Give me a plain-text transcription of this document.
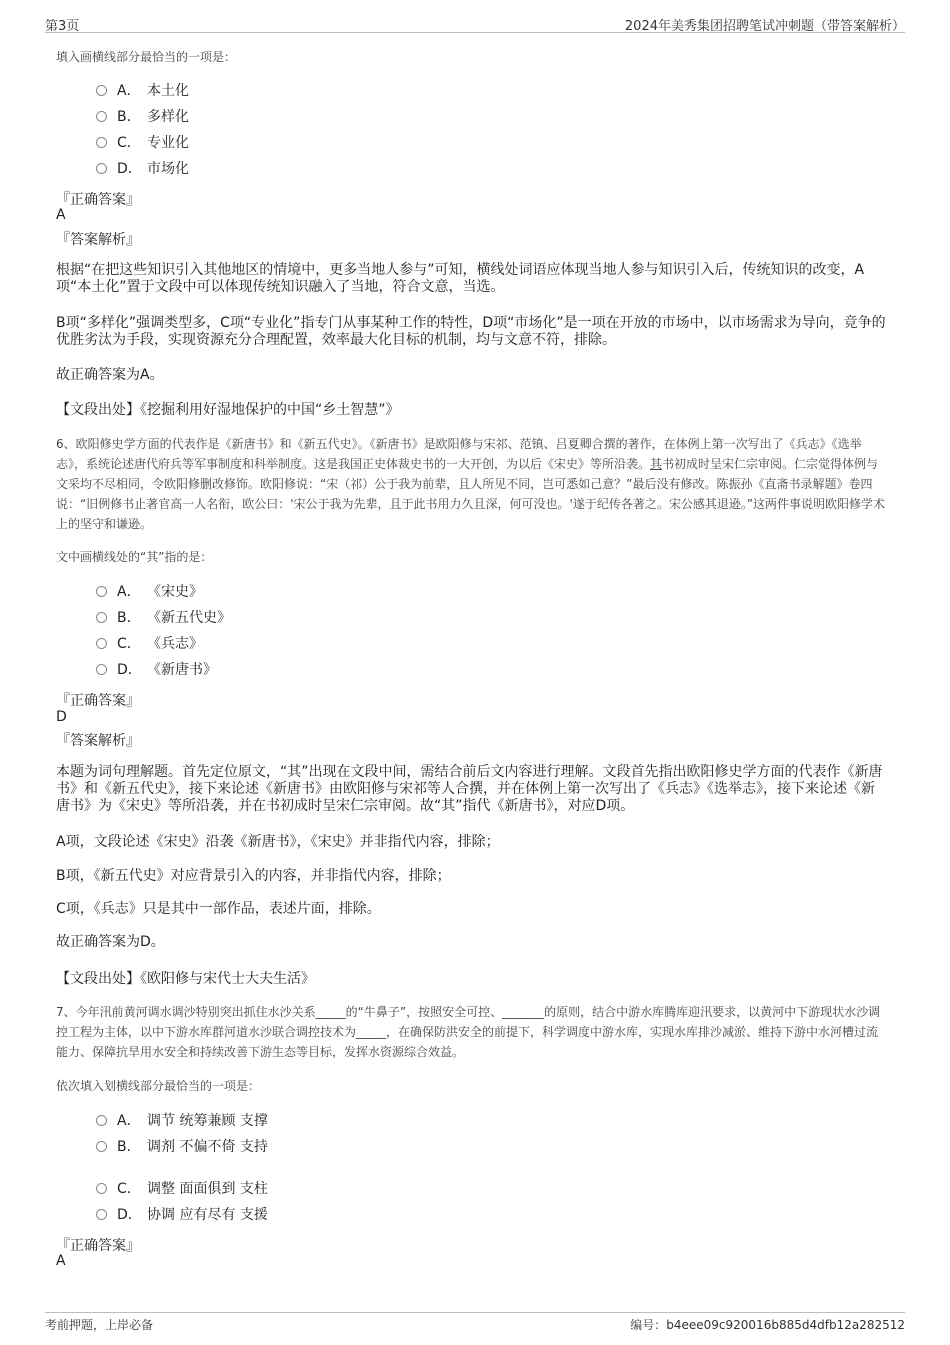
第3页	2024年美秀集团招聘笔试冲刺题（带答案解析）
填入画横线部分最恰当的一项是：
A． 本土化
B． 多样化
C． 专业化
D． 市场化
『正确答案』
A
『答案解析』
根据“在把这些知识引入其他地区的情境中，更多当地人参与”可知，横线处词语应体现当地人参与知识引入后，传统知识的改变，A项“本土化”置于文段中可以体现传统知识融入了当地，符合文意，当选。
B项“多样化”强调类型多，C项“专业化”指专门从事某种工作的特性，D项“市场化”是一项在开放的市场中，以市场需求为导向，竞争的优胜劣汰为手段，实现资源充分合理配置，效率最大化目标的机制，均与文意不符，排除。
故正确答案为A。
【文段出处】《挖掘利用好湿地保护的中国“乡土智慧”》
6、欧阳修史学方面的代表作是《新唐书》和《新五代史》。《新唐书》是欧阳修与宋祁、范镇、吕夏卿合撰的著作，在体例上第一次写出了《兵志》《选举志》，系统论述唐代府兵等军事制度和科举制度。这是我国正史体裁史书的一大开创，为以后《宋史》等所沿袭。其书初成时呈宋仁宗审阅。仁宗觉得体例与文采均不尽相同，令欧阳修删改修饰。欧阳修说：“宋（祁）公于我为前辈，且人所见不同，岂可悉如己意？”最后没有修改。陈振孙《直斋书录解题》卷四说：“旧例修书止著官高一人名衔，欧公曰：'宋公于我为先辈，且于此书用力久且深，何可没也。'遂于纪传各著之。宋公感其退逊。”这两件事说明欧阳修学术上的坚守和谦逊。
文中画横线处的“其”指的是：
A． 《宋史》
B． 《新五代史》
C． 《兵志》
D． 《新唐书》
『正确答案』
D
『答案解析』
本题为词句理解题。首先定位原文，“其”出现在文段中间，需结合前后文内容进行理解。文段首先指出欧阳修史学方面的代表作《新唐书》和《新五代史》，接下来论述《新唐书》由欧阳修与宋祁等人合撰，并在体例上第一次写出了《兵志》《选举志》，接下来论述《新唐书》为《宋史》等所沿袭，并在书初成时呈宋仁宗审阅。故“其”指代《新唐书》，对应D项。
A项，文段论述《宋史》沿袭《新唐书》，《宋史》并非指代内容，排除；
B项，《新五代史》对应背景引入的内容，并非指代内容，排除；
C项，《兵志》只是其中一部作品，表述片面，排除。
故正确答案为D。
【文段出处】《欧阳修与宋代士大夫生活》
7、今年汛前黄河调水调沙特别突出抓住水沙关系_____的“牛鼻子”，按照安全可控、_______的原则，结合中游水库腾库迎汛要求，以黄河中下游现状水沙调控工程为主体，以中下游水库群河道水沙联合调控技术为_____，在确保防洪安全的前提下，科学调度中游水库，实现水库排沙减淤、维持下游中水河槽过流能力、保障抗旱用水安全和持续改善下游生态等目标，发挥水资源综合效益。
依次填入划横线部分最恰当的一项是：
A． 调节 统筹兼顾 支撑
B． 调剂 不偏不倚 支持
C． 调整 面面俱到 支柱
D． 协调 应有尽有 支援
『正确答案』
A
考前押题，上岸必备	编号：b4eee09c920016b885d4dfb12a282512
